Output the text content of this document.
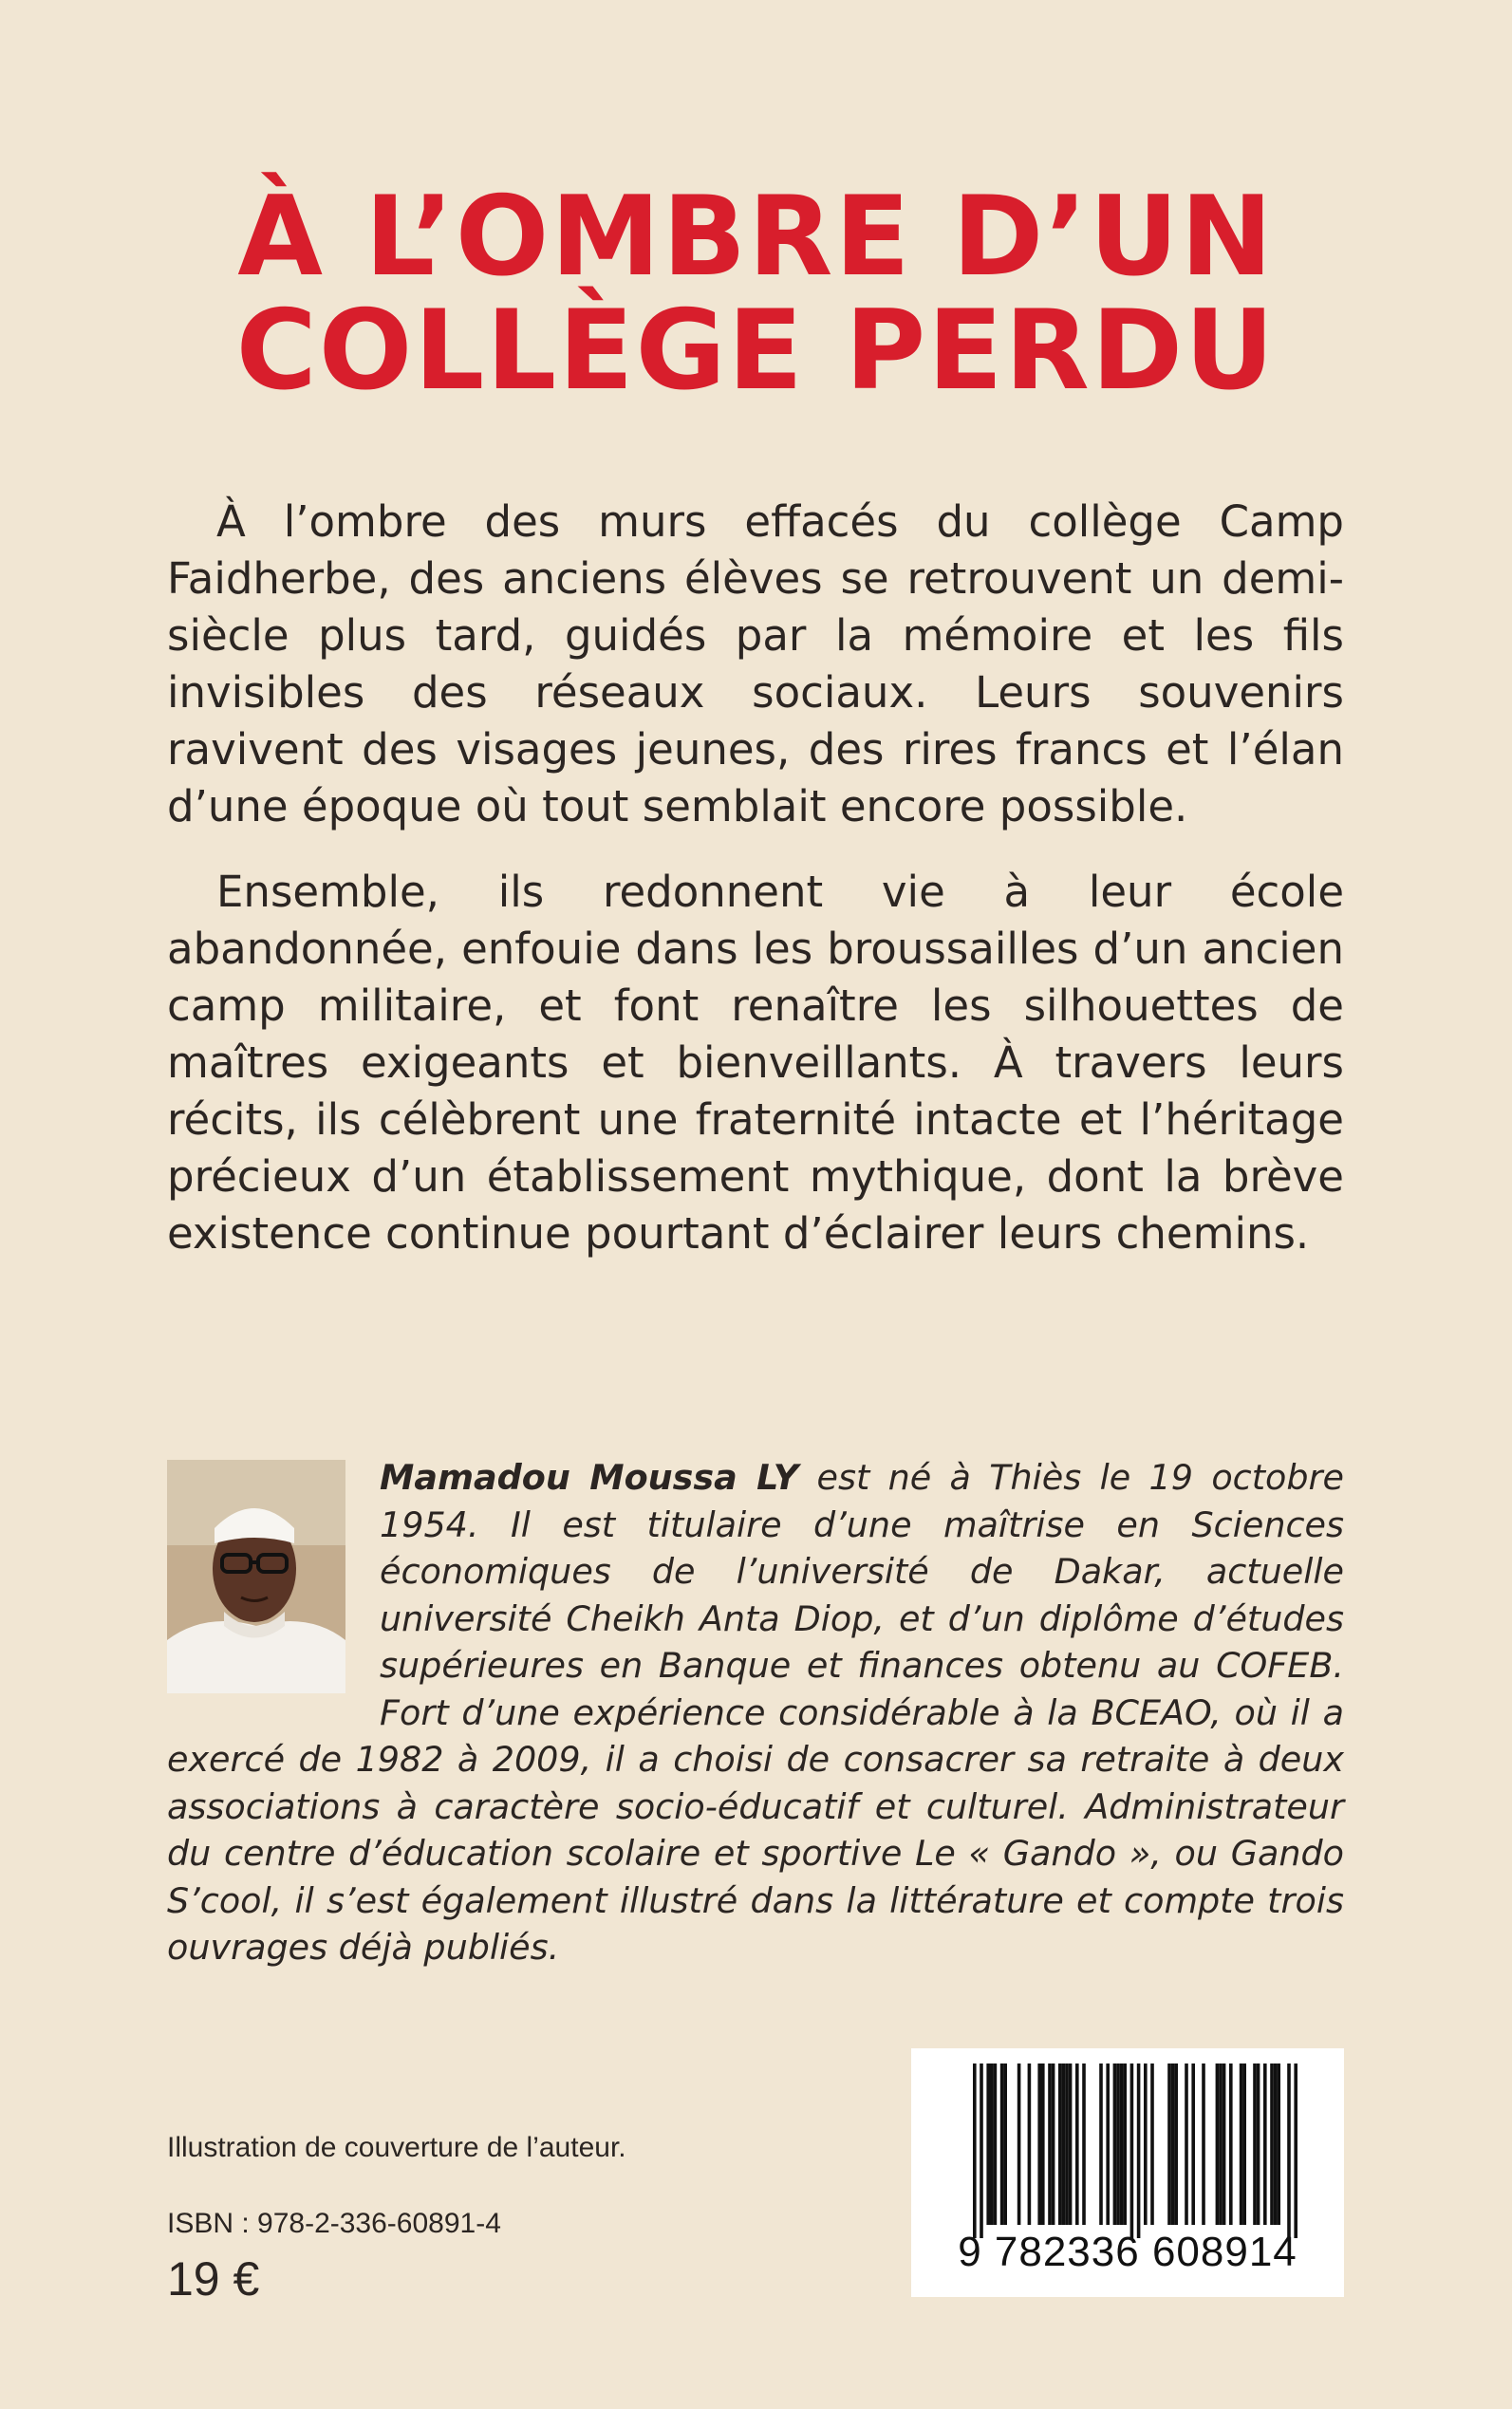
À L’OMBRE D’UN
COLLÈGE PERDU

À l’ombre des murs effacés du collège Camp Faidherbe, des anciens élèves se retrouvent un demi-siècle plus tard, guidés par la mémoire et les fils invisibles des réseaux sociaux. Leurs souvenirs ravivent des visages jeunes, des rires francs et l’élan d’une époque où tout semblait encore possible.

Ensemble, ils redonnent vie à leur école abandonnée, enfouie dans les broussailles d’un ancien camp militaire, et font renaître les silhouettes de maîtres exigeants et bienveillants. À travers leurs récits, ils célèbrent une fraternité intacte et l’héritage précieux d’un établissement mythique, dont la brève existence continue pourtant d’éclairer leurs chemins.

Mamadou Moussa LY est né à Thiès le 19 octobre 1954. Il est titulaire d’une maîtrise en Sciences économiques de l’université de Dakar, actuelle université Cheikh Anta Diop, et d’un diplôme d’études supérieures en Banque et finances obtenu au COFEB. Fort d’une expérience considérable à la BCEAO, où il a exercé de 1982 à 2009, il a choisi de consacrer sa retraite à deux associations à caractère socio-éducatif et culturel. Administrateur du centre d’éducation scolaire et sportive Le « Gando », ou Gando S’cool, il s’est également illustré dans la littérature et compte trois ouvrages déjà publiés.
Illustration de couverture de l’auteur.
ISBN : 978-2-336-60891-4
19 €
9 782336 608914
